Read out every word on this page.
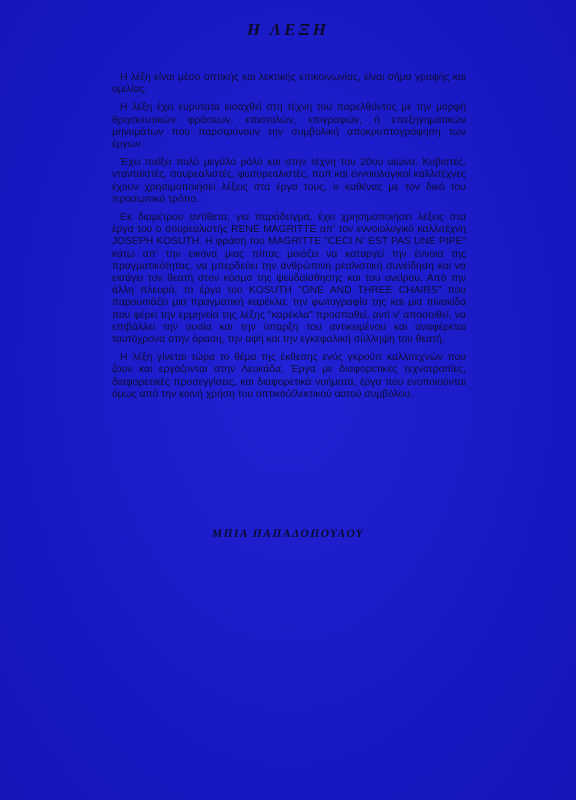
Η ΛΕΞΗ

Η λέξη είναι μέσο οπτικής και λεκτικής επικοινωνίας, είναι σήμα γραφής και ομιλίας.

Η λέξη έχει ευρύτατα εισαχθεί στη τέχνη του παρελθόντος με την μορφή θρησκευτικών φράσεων, επιστολών, επιγραφών, ή επεξηγηματικών μηνυμάτων που παροτρύνουν την συμβολική αποκρυπτογράφηση των έργων.

Έχει παίξει πολύ μεγάλο ρόλο και στην τέχνη του 20ου αιώνα. Κυβιστές, ντανταϊστές, σουρεαλιστές, φωτορεαλιστές, ποπ και εννοιολογικοί καλλιτέχνες έχουν χρησιμοποιήσει λέξεις στα έργα τους, ο καθένας με τον δικό του προσωπικό τρόπο.

Εκ διαμέτρου αντίθετα, για παράδειγμα, έχει χρησιμοποιήσει λέξεις στα έργα του ο σουρεαλιστής RENE MAGRITTE απ' τον εννοιολογικό καλλιτέχνη JOSEPH KOSUTH. Η φράση του MAGRITTE "CECI N' EST PAS UNE PIPE" κάτω απ' την εικόνα μιας πίπας μοιάζει να καταργεί την έννοια της πραγματικότητας, να μπερδεύει την ανθρώπινη ρεαλιστική συνείδηση και να εισάγει τον θεατή στον κόσμο της ψευδαίσθησης και του ονείρου. Από την άλλη πλευρά, το έργο του KOSUTH "ONE AND THREE CHAIRS" που παρουσιάζει μια πραγματική καρέκλα, την φωτογραφία της και μια πινακίδα που φέρει την ερμηνεία της λέξης "καρέκλα" προσπαθεί, αντί ν' αποσοιθεί, να επιβάλλει την ουσία και την ύπαρξη του αντικειμένου και αναφέρεται ταυτόχρονα στην όραση, την αφή και την εγκεφαλική σύλληψη του θεατή.

Η λέξη γίνεται τώρα το θέμα της έκθεσης ενός γκρούπ καλλιτεχνών που ζουν και εργάζονται στην Λευκάδα. Έργα με διαφορετικές τεχνοτροπίες, διαφορετικές προσεγγίσεις, και διαφορετικά νοήματα, έργα που ενοποιούνται όμως από την κοινή χρήση του οπτικού/λεκτικού αυτού συμβόλου.

ΜΠΙΑ ΠΑΠΑΔΟΠΟΥΛΟΥ
